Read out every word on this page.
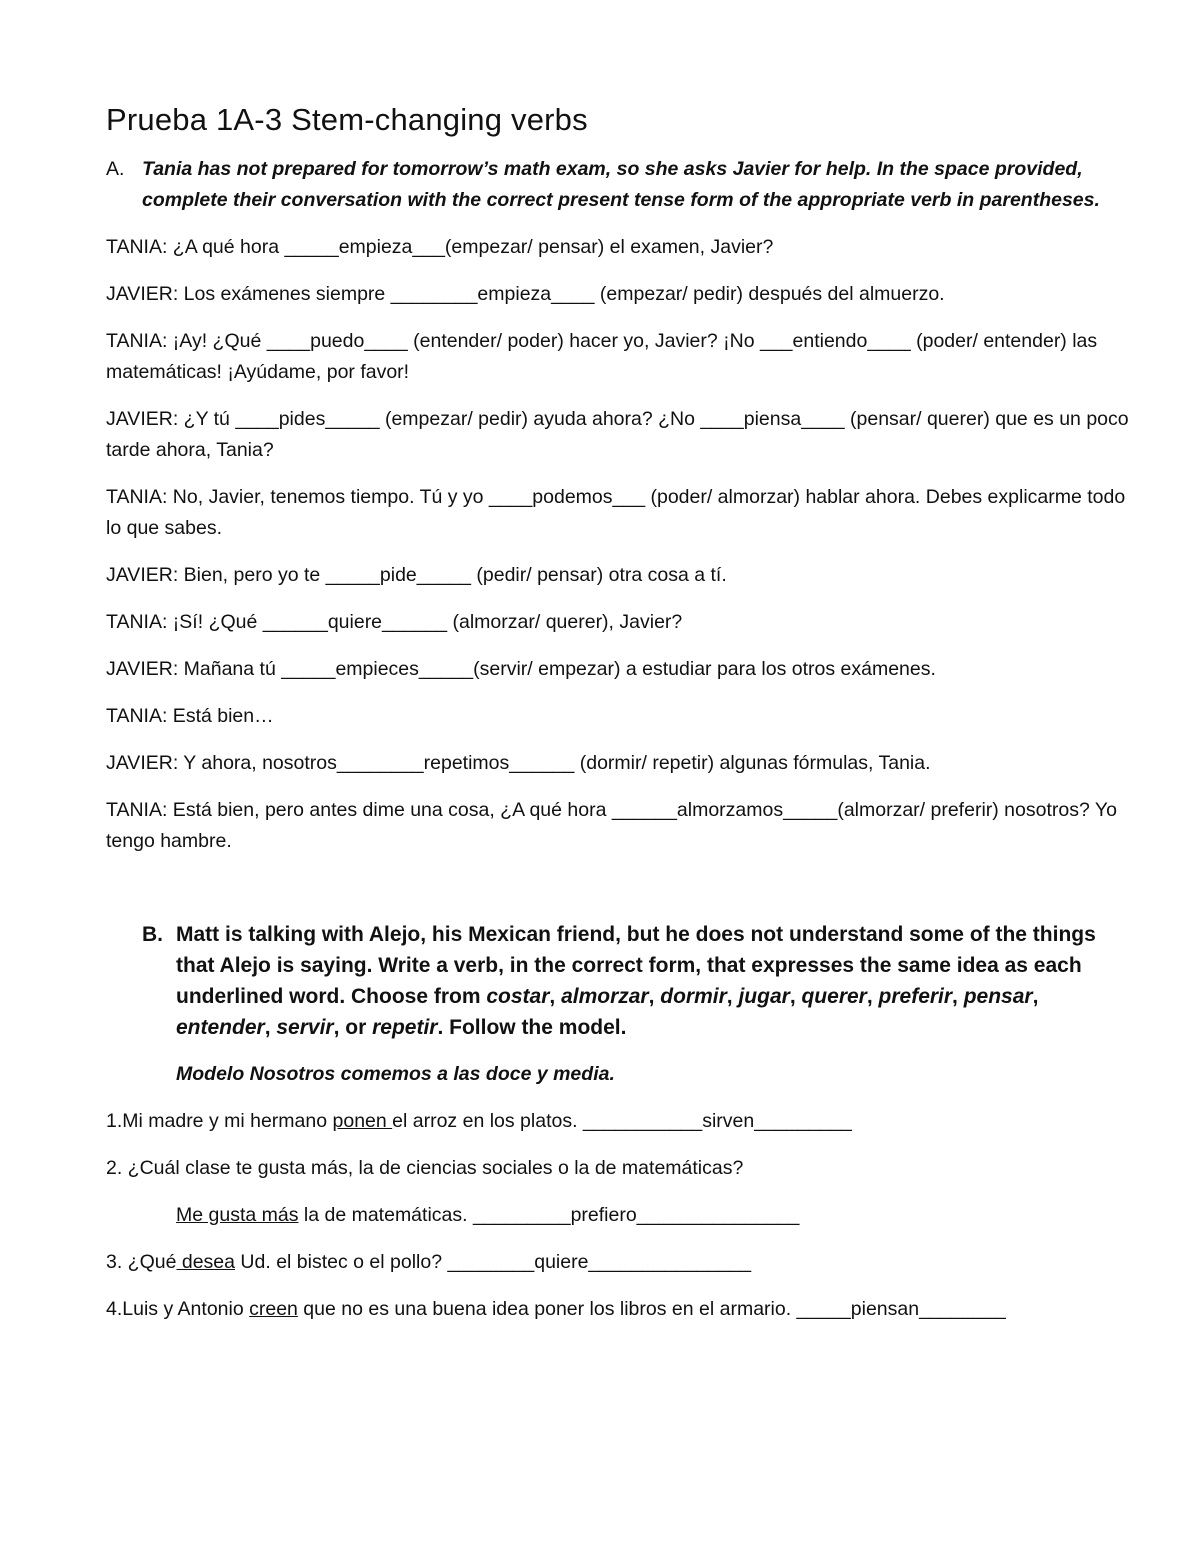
Prueba 1A-3 Stem-changing verbs
A. Tania has not prepared for tomorrow’s math exam, so she asks Javier for help. In the space provided, complete their conversation with the correct present tense form of the appropriate verb in parentheses.

TANIA: ¿A qué hora _____empieza___(empezar/ pensar) el examen, Javier?

JAVIER: Los exámenes siempre ________empieza____ (empezar/ pedir) después del almuerzo.

TANIA: ¡Ay! ¿Qué ____puedo____ (entender/ poder) hacer yo, Javier? ¡No ___entiendo____ (poder/ entender) las matemáticas! ¡Ayúdame, por favor!

JAVIER: ¿Y tú ____pides_____ (empezar/ pedir) ayuda ahora? ¿No ____piensa____ (pensar/ querer) que es un poco tarde ahora, Tania?

TANIA: No, Javier, tenemos tiempo. Tú y yo ____podemos___ (poder/ almorzar) hablar ahora. Debes explicarme todo lo que sabes.

JAVIER: Bien, pero yo te _____pide_____ (pedir/ pensar) otra cosa a tí.

TANIA: ¡Sí! ¿Qué ______quiere______ (almorzar/ querer), Javier?

JAVIER: Mañana tú _____empieces_____(servir/ empezar) a estudiar para los otros exámenes.

TANIA: Está bien…

JAVIER: Y ahora, nosotros________repetimos______ (dormir/ repetir) algunas fórmulas, Tania.

TANIA: Está bien, pero antes dime una cosa, ¿A qué hora ______almorzamos_____(almorzar/ preferir) nosotros? Yo tengo hambre.

B. Matt is talking with Alejo, his Mexican friend, but he does not understand some of the things that Alejo is saying. Write a verb, in the correct form, that expresses the same idea as each underlined word. Choose from costar, almorzar, dormir, jugar, querer, preferir, pensar, entender, servir, or repetir. Follow the model.
Modelo Nosotros comemos a las doce y media.

1.Mi madre y mi hermano ponen el arroz en los platos. ___________sirven_________

2. ¿Cuál clase te gusta más, la de ciencias sociales o la de matemáticas?

Me gusta más la de matemáticas. _________prefiero_______________

3. ¿Qué desea Ud. el bistec o el pollo? ________quiere_______________

4.Luis y Antonio creen que no es una buena idea poner los libros en el armario. _____piensan________
